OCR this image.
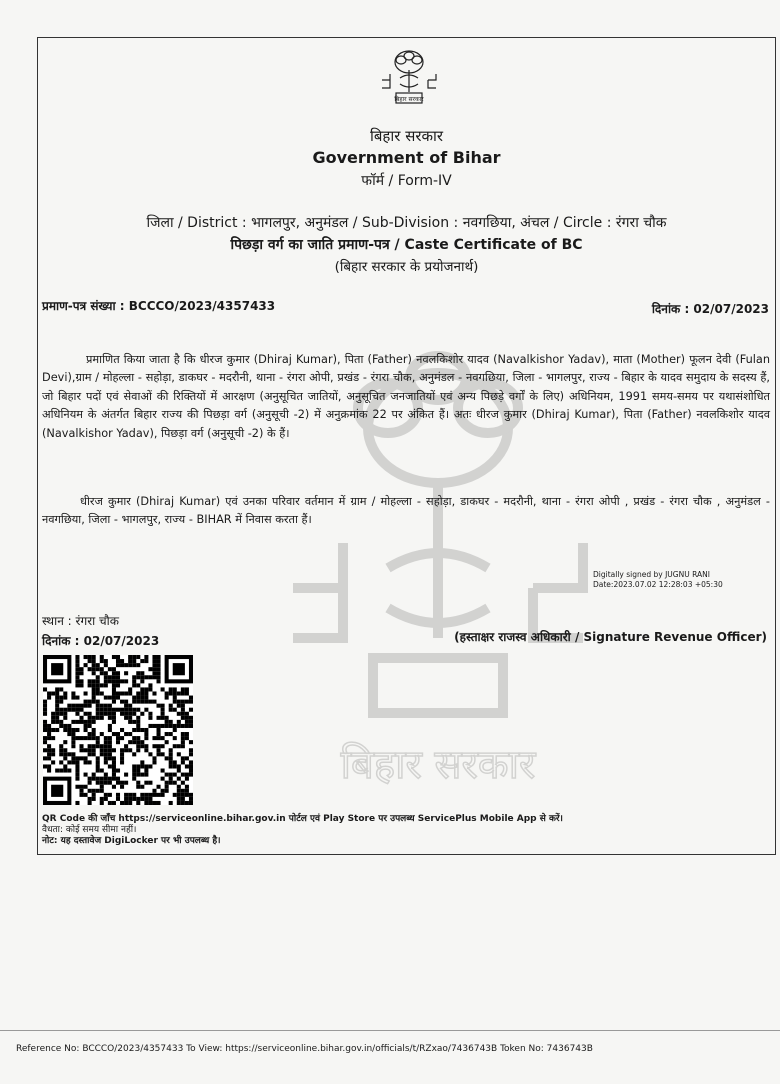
बिहार सरकार
बिहार सरकार
Government of Bihar
फॉर्म / Form-IV
जिला / District : भागलपुर, अनुमंडल / Sub-Division : नवगछिया, अंचल / Circle : रंगरा चौक
पिछड़ा वर्ग का जाति प्रमाण-पत्र / Caste Certificate of BC
(बिहार सरकार के प्रयोजनार्थ)
बिहार सरकार
प्रमाण-पत्र संख्या : BCCCO/2023/4357433	दिनांक : 02/07/2023
प्रमाणित किया जाता है कि धीरज कुमार (Dhiraj Kumar), पिता (Father) नवलकिशोर यादव (Navalkishor Yadav), माता (Mother) फूलन देवी (Fulan Devi),ग्राम / मोहल्ला - सहोड़ा, डाकघर - मदरौनी, थाना - रंगरा ओपी, प्रखंड - रंगरा चौक, अनुमंडल - नवगछिया, जिला - भागलपुर, राज्य - बिहार के यादव समुदाय के सदस्य हैं, जो बिहार पदों एवं सेवाओं की रिक्तियों में आरक्षण (अनुसूचित जातियों, अनुसूचित जनजातियों एवं अन्य पिछड़े वर्गों के लिए) अधिनियम, 1991 समय-समय पर यथासंशोधित अधिनियम के अंतर्गत बिहार राज्य की पिछड़ा वर्ग (अनुसूची -2) में अनुक्रमांक 22 पर अंकित हैं। अतः धीरज कुमार (Dhiraj Kumar), पिता (Father) नवलकिशोर यादव (Navalkishor Yadav), पिछड़ा वर्ग (अनुसूची -2) के हैं।
धीरज कुमार (Dhiraj Kumar) एवं उनका परिवार वर्तमान में ग्राम / मोहल्ला - सहोड़ा, डाकघर - मदरौनी, थाना - रंगरा ओपी , प्रखंड - रंगरा चौक , अनुमंडल - नवगछिया, जिला - भागलपुर, राज्य - BIHAR में निवास करता हैं।
Digitally signed by JUGNU RANI
Date:2023.07.02 12:28:03 +05:30
स्थान : रंगरा चौक
दिनांक : 02/07/2023	(हस्ताक्षर राजस्व अधिकारी / Signature Revenue Officer)
QR Code की जाँच https://serviceonline.bihar.gov.in पोर्टल एवं Play Store पर उपलब्ध ServicePlus Mobile App से करें।
वैधता: कोई समय सीमा नहीं।
नोट: यह दस्तावेज DigiLocker पर भी उपलब्ध है।
Reference No: BCCCO/2023/4357433 To View: https://serviceonline.bihar.gov.in/officials/t/RZxao/7436743B Token No: 7436743B
